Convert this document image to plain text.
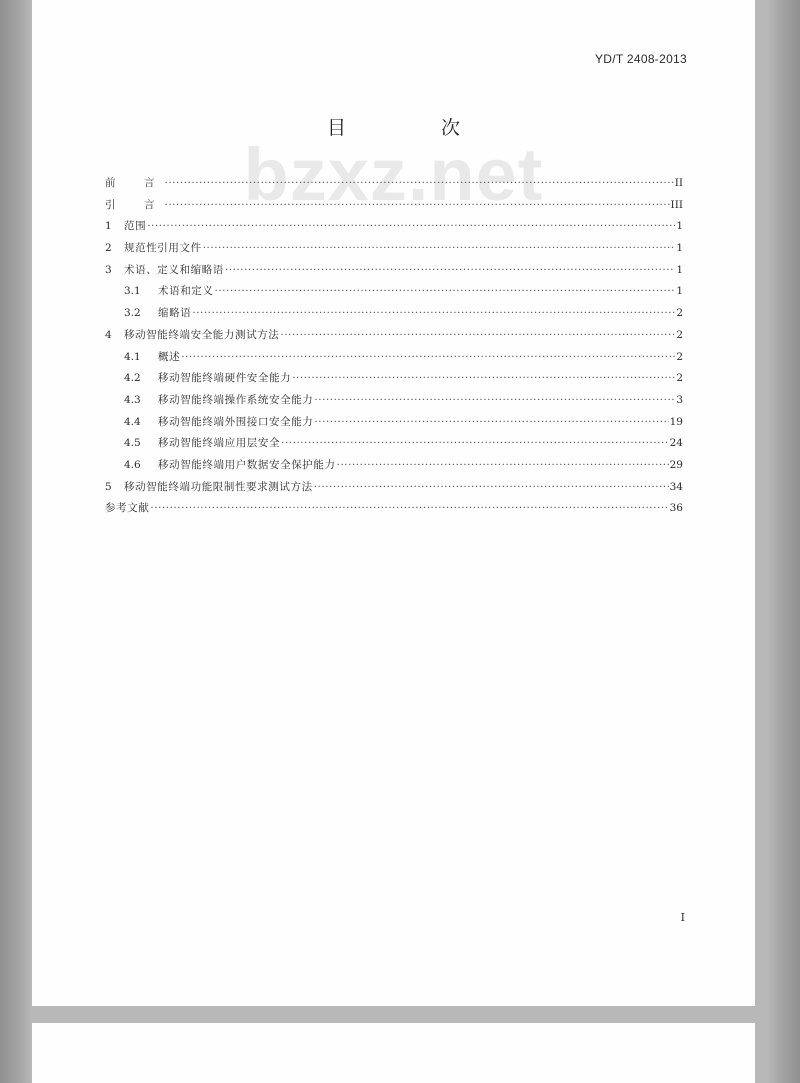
YD/T 2408-2013
bzxz.net
目　次
前　言 ·····	II
引　言 ·····	III
1	范围 ·····	1
2	规范性引用文件 ·····	1
3	术语、定义和缩略语 ·····	1
3.1	术语和定义 ·····	1
3.2	缩略语 ·····	2
4	移动智能终端安全能力测试方法 ·····	2
4.1	概述 ·····	2
4.2	移动智能终端硬件安全能力 ·····	2
4.3	移动智能终端操作系统安全能力 ·····	3
4.4	移动智能终端外围接口安全能力 ·····	19
4.5	移动智能终端应用层安全 ·····	24
4.6	移动智能终端用户数据安全保护能力 ·····	29
5	移动智能终端功能限制性要求测试方法 ·····	34
参考文献 ·····	36
I
